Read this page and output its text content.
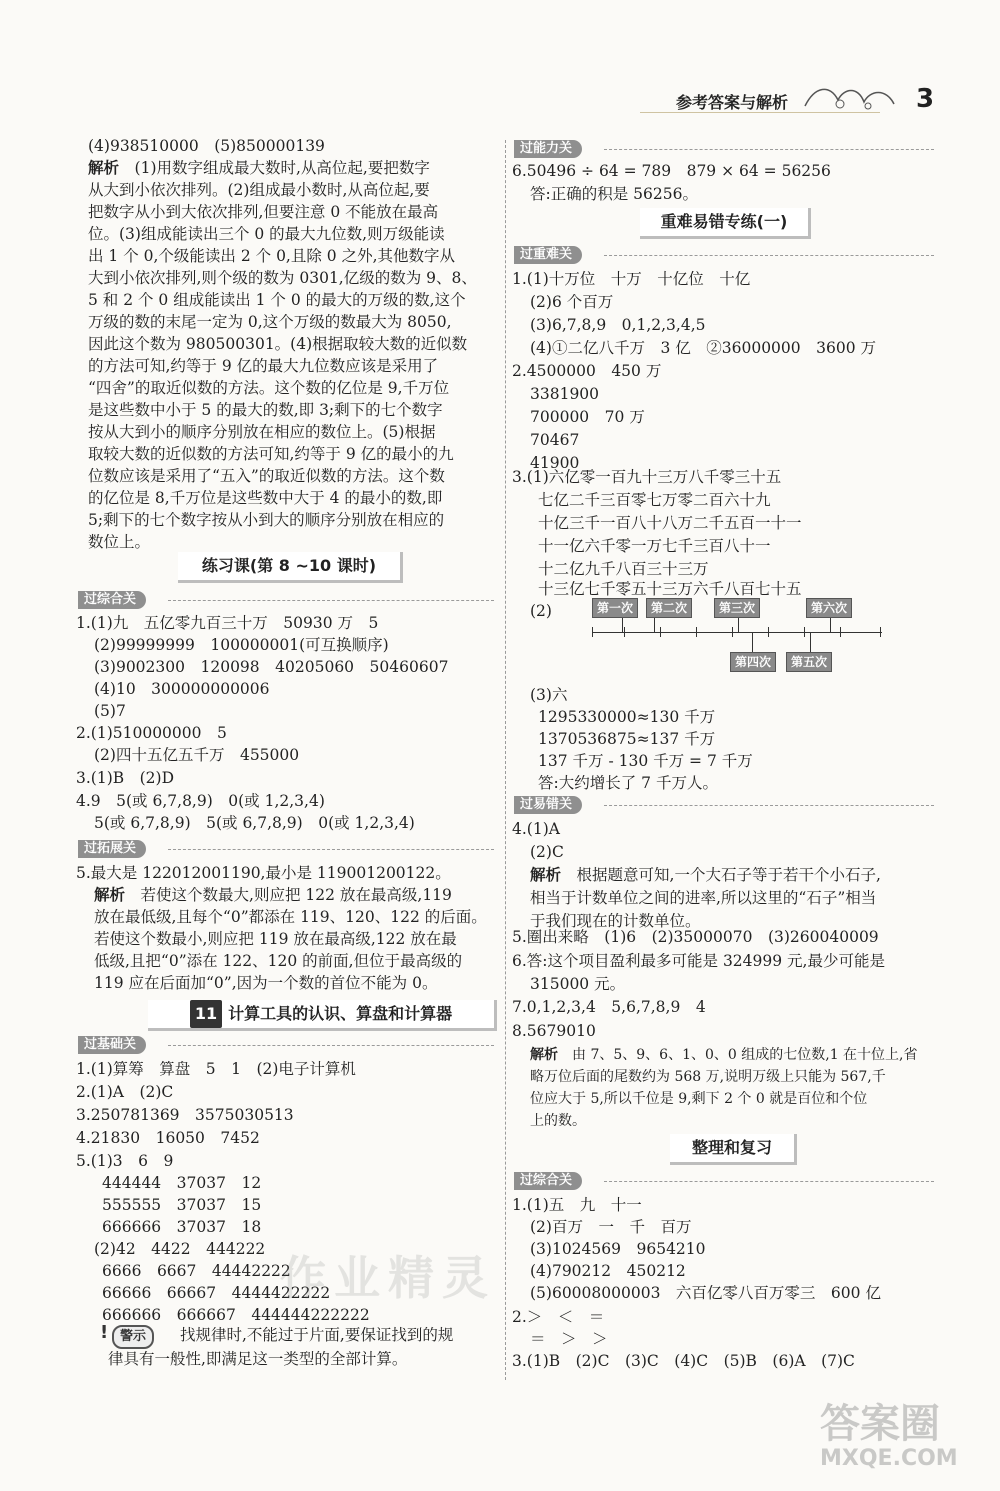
参考答案与解析	3
(4)938510000　(5)850000139
解析　 (1)用数字组成最大数时,从高位起,要把数字
从大到小依次排列。(2)组成最小数时,从高位起,要
把数字从小到大依次排列,但要注意 0 不能放在最高
位。(3)组成能读出三个 0 的最大九位数,则万级能读
出 1 个 0,个级能读出 2 个 0,且除 0 之外,其他数字从
大到小依次排列,则个级的数为 0301,亿级的数为 9、8、
5 和 2 个 0 组成能读出 1 个 0 的最大的万级的数,这个
万级的数的末尾一定为 0,这个万级的数最大为 8050,
因此这个数为 980500301。(4)根据取较大数的近似数
的方法可知,约等于 9 亿的最大九位数应该是采用了
“四舍”的取近似数的方法。这个数的亿位是 9,千万位
是这些数中小于 5 的最大的数,即 3;剩下的七个数字
按从大到小的顺序分别放在相应的数位上。(5)根据
取较大数的近似数的方法可知,约等于 9 亿的最小的九
位数应该是采用了“五入”的取近似数的方法。这个数
的亿位是 8,千万位是这些数中大于 4 的最小的数,即
5;剩下的七个数字按从小到大的顺序分别放在相应的
数位上。
练习课(第 8 ~10 课时)
过综合关
1.(1)九　五亿零九百三十万　50930 万　5
(2)99999999　100000001(可互换顺序)
(3)9002300　120098　40205060　50460607
(4)10　300000000006
(5)7
2.(1)510000000　5
(2)四十五亿五千万　455000
3.(1)B　(2)D
4.9　5(或 6,7,8,9)　0(或 1,2,3,4)
5(或 6,7,8,9)　5(或 6,7,8,9)　0(或 1,2,3,4)
过拓展关
5.最大是 122012001190,最小是 119001200122。
解析　 若使这个数最大,则应把 122 放在最高级,119
放在最低级,且每个“0”都添在 119、120、122 的后面。
若使这个数最小,则应把 119 放在最高级,122 放在最
低级,且把“0”添在 122、120 的前面,但位于最高级的
119 应在后面加“0”,因为一个数的首位不能为 0。
11 计算工具的认识、算盘和计算器
过基础关
1.(1)算筹　算盘　5　1　(2)电子计算机
2.(1)A　(2)C
3.250781369　3575030513
4.21830　16050　7452
5.(1)3　6　9
444444　37037　12
555555　37037　15
666666　37037　18
(2)42　4422　444222
6666　6667　44442222
66666　66667　4444422222
666666　666667　444444222222
! 警示	找规律时,不能过于片面,要保证找到的规
律具有一般性,即满足这一类型的全部计算。
过能力关
6.50496 ÷ 64 = 789　879 × 64 = 56256
答:正确的积是 56256。
重难易错专练(一)
过重难关
1.(1)十万位　十万　十亿位　十亿
(2)6 个百万
(3)6,7,8,9　0,1,2,3,4,5
(4)①二亿八千万　3 亿　②36000000　3600 万
2.4500000　450 万
3381900
700000　70 万
70467
41900
3.(1)六亿零一百九十三万八千零三十五
七亿二千三百零七万零二百六十九
十亿三千一百八十八万二千五百一十一
十一亿六千零一万七千三百八十一
十二亿九千八百三十三万
十三亿七千零五十三万六千八百七十五
(2)	第一次	第二次	第三次	第六次
第四次	第五次
(3)六
1295330000≈130 千万
1370536875≈137 千万
137 千万 - 130 千万 = 7 千万
答:大约增长了 7 千万人。
过易错关
4.(1)A
(2)C
解析　 根据题意可知,一个大石子等于若干个小石子,
相当于计数单位之间的进率,所以这里的“石子”相当
于我们现在的计数单位。
5.圈出来略　(1)6　(2)35000070　(3)260040009
6.答:这个项目盈利最多可能是 324999 元,最少可能是
315000 元。
7.0,1,2,3,4　5,6,7,8,9　4
8.5679010
解析　 由 7、5、9、6、1、0、0 组成的七位数,1 在十位上,省
略万位后面的尾数约为 568 万,说明万级上只能为 567,千
位应大于 5,所以千位是 9,剩下 2 个 0 就是百位和个位
上的数。
整理和复习
过综合关
1.(1)五　九　十一
(2)百万　一　千　百万
(3)1024569　9654210
(4)790212　450212
(5)60008000003　六百亿零八百万零三　600 亿
2.＞　＜　＝
＝　＞　＞
3.(1)B　(2)C　(3)C　(4)C　(5)B　(6)A　(7)C
作业精灵
答案圈
MXQE.COM
